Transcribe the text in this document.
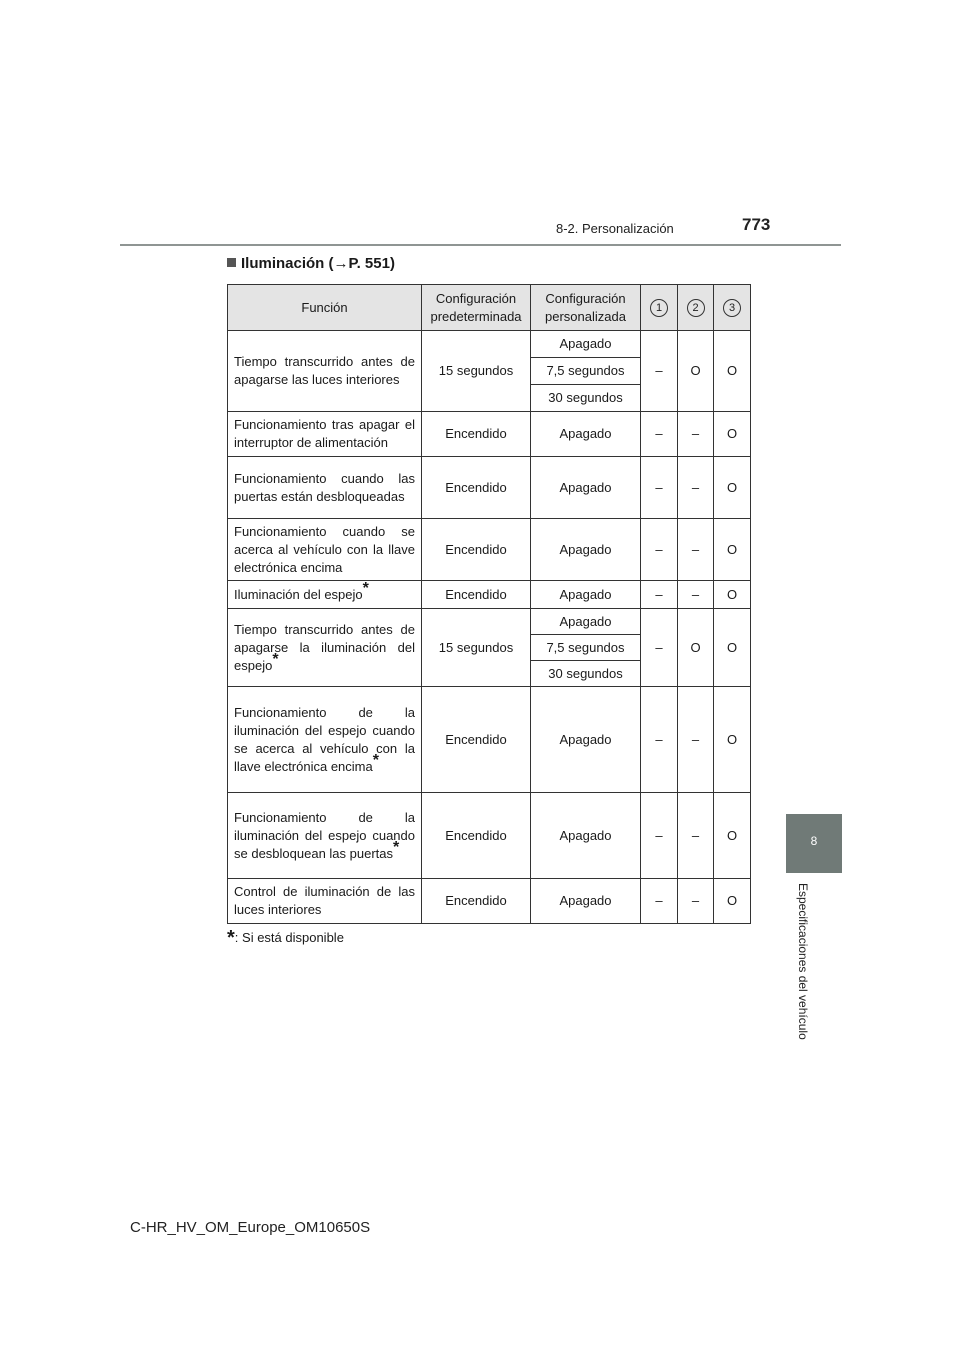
8-2. Personalización	773
8
Especificaciones del vehículo
Iluminación (→P. 551)
Función	Configuración predeterminada	Configuración personalizada	1	2	3
Tiempo transcurrido antes de apagarse las luces interiores	15 segundos	Apagado	–	O	O
		7,5 segundos			
		30 segundos			
Funcionamiento tras apagar el interruptor de alimentación	Encendido	Apagado	–	–	O
Funcionamiento cuando las puertas están desbloqueadas	Encendido	Apagado	–	–	O
Funcionamiento cuando se acerca al vehículo con la llave electrónica encima	Encendido	Apagado	–	–	O
Iluminación del espejo*	Encendido	Apagado	–	–	O
Tiempo transcurrido antes de apagarse la iluminación del espejo*	15 segundos	Apagado	–	O	O
		7,5 segundos			
		30 segundos			
Funcionamiento de la iluminación del espejo cuando se acerca al vehículo con la llave electrónica encima*	Encendido	Apagado	–	–	O
Funcionamiento de la iluminación del espejo cuando se desbloquean las puertas*	Encendido	Apagado	–	–	O
Control de iluminación de las luces interiores	Encendido	Apagado	–	–	O
*: Si está disponible
C-HR_HV_OM_Europe_OM10650S
